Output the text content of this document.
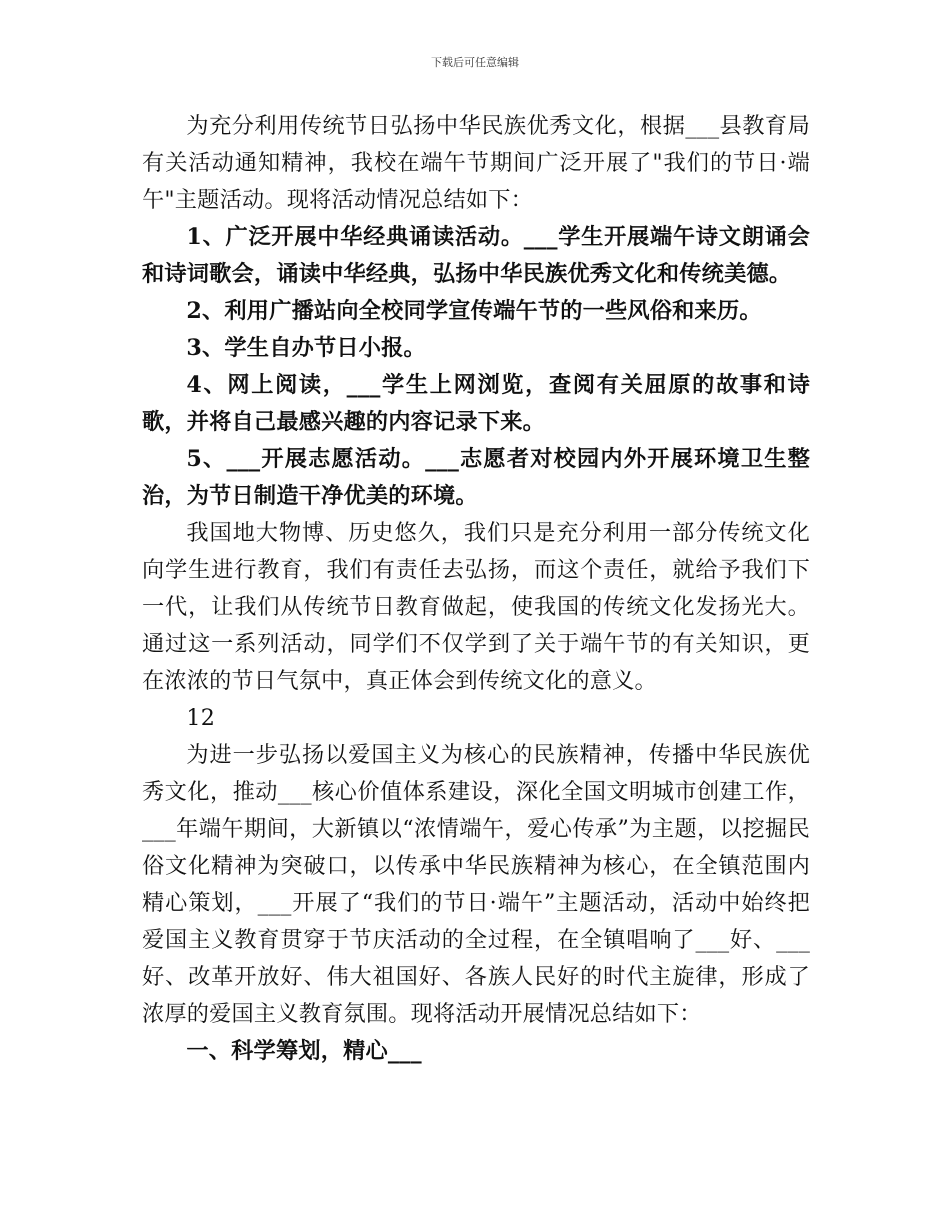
下载后可任意编辑

为充分利用传统节日弘扬中华民族优秀文化，根据___县教育局有关活动通知精神，我校在端午节期间广泛开展了"我们的节日·端午"主题活动。现将活动情况总结如下：

1、广泛开展中华经典诵读活动。___学生开展端午诗文朗诵会和诗词歌会，诵读中华经典，弘扬中华民族优秀文化和传统美德。

2、利用广播站向全校同学宣传端午节的一些风俗和来历。

3、学生自办节日小报。

4、网上阅读，___学生上网浏览，查阅有关屈原的故事和诗歌，并将自己最感兴趣的内容记录下来。

5、___开展志愿活动。___志愿者对校园内外开展环境卫生整治，为节日制造干净优美的环境。

我国地大物博、历史悠久，我们只是充分利用一部分传统文化向学生进行教育，我们有责任去弘扬，而这个责任，就给予我们下一代，让我们从传统节日教育做起，使我国的传统文化发扬光大。通过这一系列活动，同学们不仅学到了关于端午节的有关知识，更在浓浓的节日气氛中，真正体会到传统文化的意义。

12

为进一步弘扬以爱国主义为核心的民族精神，传播中华民族优秀文化，推动___核心价值体系建设，深化全国文明城市创建工作，___年端午期间，大新镇以“浓情端午，爱心传承”为主题，以挖掘民俗文化精神为突破口，以传承中华民族精神为核心，在全镇范围内精心策划，___开展了“我们的节日·端午”主题活动，活动中始终把爱国主义教育贯穿于节庆活动的全过程，在全镇唱响了___好、___好、改革开放好、伟大祖国好、各族人民好的时代主旋律，形成了浓厚的爱国主义教育氛围。现将活动开展情况总结如下：

一、科学筹划，精心___
